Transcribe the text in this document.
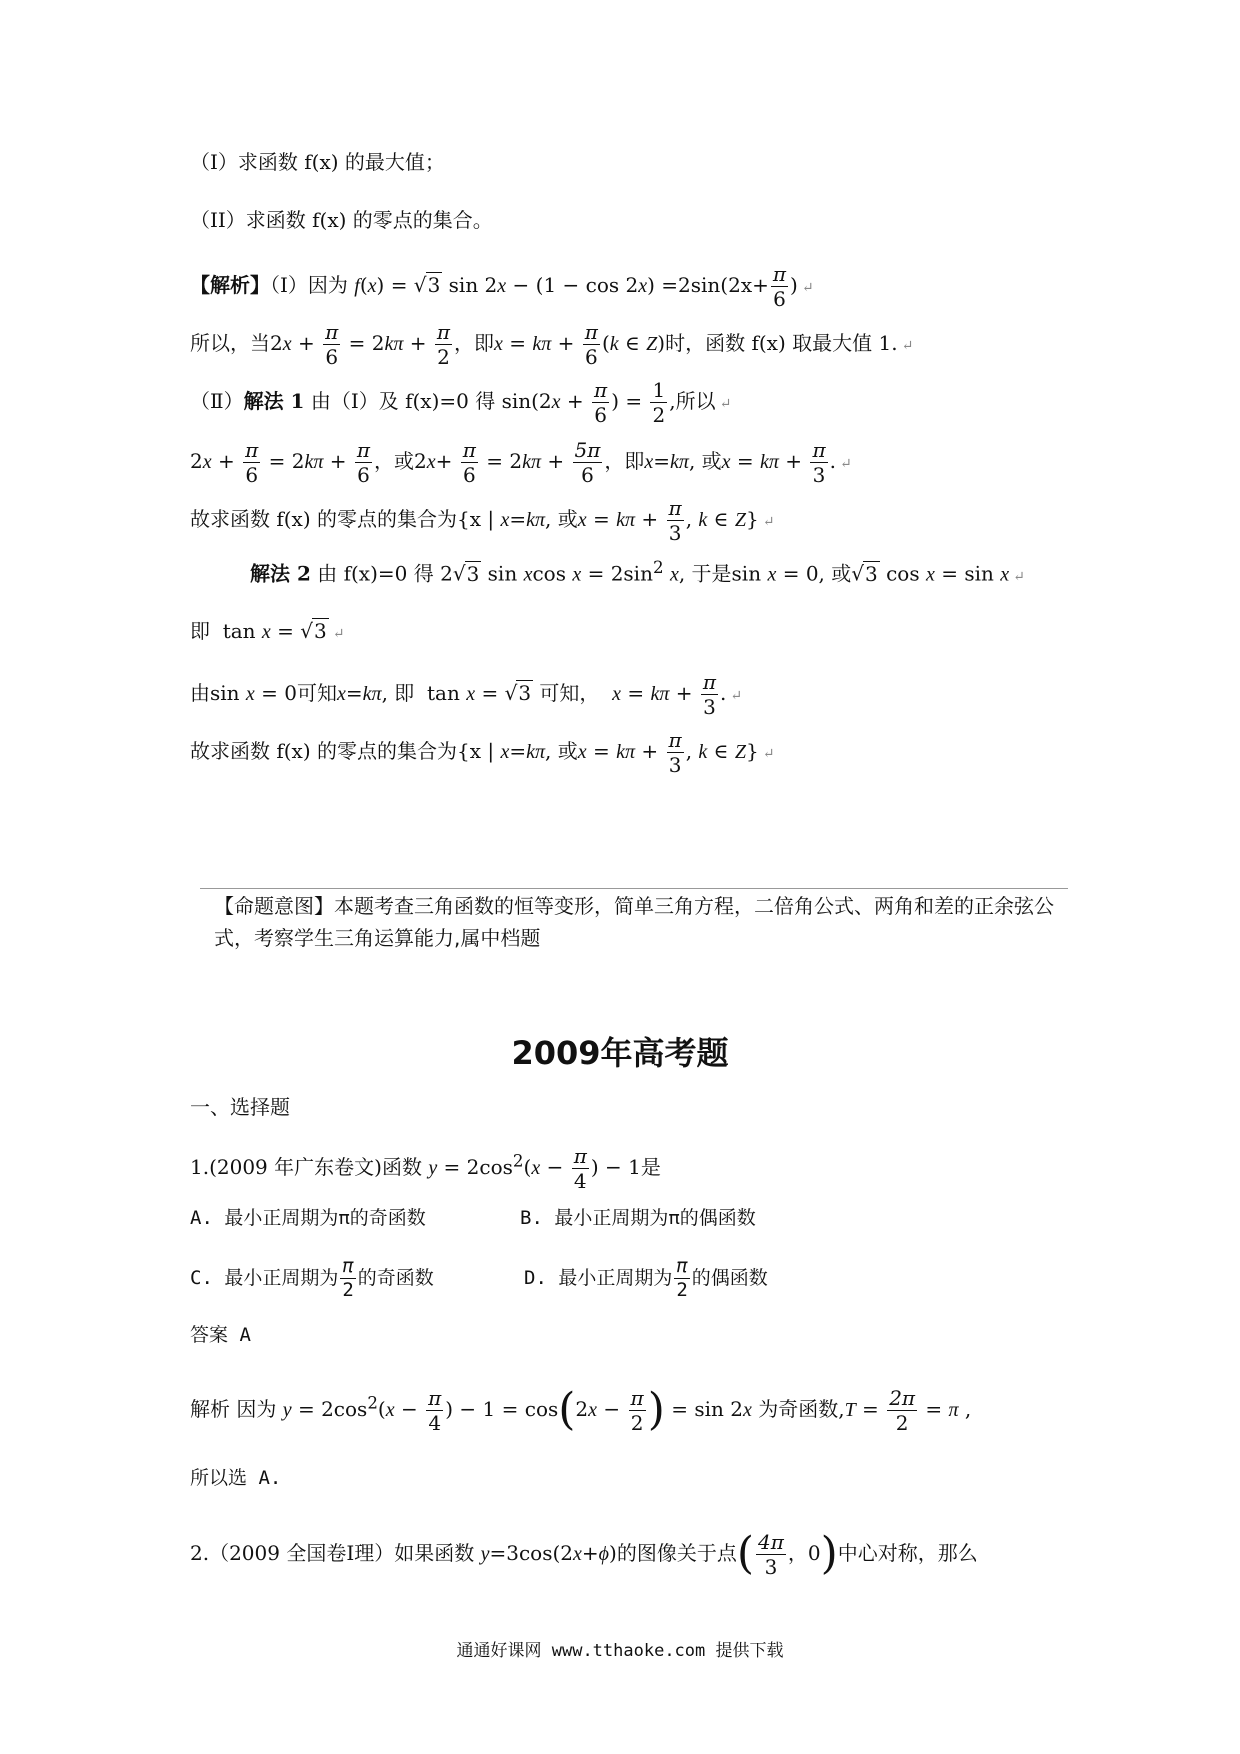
（Ⅰ）求函数 f(x) 的最大值；
（II）求函数 f(x) 的零点的集合。
【解析】（Ⅰ）因为 f(x) = √3 $\sin 2x - (1 - \cos 2x) =2\sin(2x+ \frac{\pi}{6}$ ) ↵
所以，当$2x + \frac{\pi}{6} = 2k\pi + \frac{\pi}{2}$ ，即$x = k\pi + \frac{\pi}{6} (k$ ∈ Z)时，函数 f(x) 取最大值 1. ↵
（Ⅱ）解法 1 由（Ⅰ）及 f(x)=0 得 $\sin(2x + \frac{\pi}{6}$ ) = $\frac{1}{2}$ ,所以 ↵
$2x + \frac{\pi}{6} = 2k\pi + \frac{\pi}{6}$ ，或$2x+ \frac{\pi}{6} = 2k\pi + \frac{5\pi}{6}$ ，即x=kπ, 或$x = k\pi + \frac{\pi}{3}$ . ↵
故求函数 f(x) 的零点的集合为{x | x=kπ, 或$x = k\pi + \frac{\pi}{3}$ , k ∈ Z} ↵
解法 2 由 f(x)=0 得 2√3 sin xcos $x = 2\sin^2$ x, 于是sin x = 0, 或√3 cos x = sin x ↵
即  tan x = √3 ↵
由sin x = 0可知x=kπ, 即  tan x = √3 可知，  $x = k\pi + \frac{\pi}{3}$ . ↵
故求函数 f(x) 的零点的集合为{x | x=kπ, 或$x = k\pi + \frac{\pi}{3}$ , k ∈ Z} ↵
【命题意图】本题考查三角函数的恒等变形，简单三角方程，二倍角公式、两角和差的正余弦公式，考察学生三角运算能力,属中档题
2009年高考题
一、选择题
1.(2009 年广东卷文)函数 $y = 2\cos^2(x - \frac{\pi}{4}$ ) − 1是
A. 最小正周期为π的奇函数	B. 最小正周期为π的偶函数
C. 最小正周期为 $\frac{\pi}{2}$ 的奇函数	D. 最小正周期为 $\frac{\pi}{2}$ 的偶函数
答案 A
解析 因为 $y = 2\cos^2(x - \frac{\pi}{4}$ ) − $1 = \cos(2x - \frac{\pi}{2}$ ) = sin 2x 为奇函数$,T = \frac{2\pi}{2} = \pi$ ,
所以选 A.
2.（2009 全国卷Ⅰ理）如果函数 y=3cos(2x+ϕ)的图像关于点( $\frac{4\pi}{3}$ ，0)中心对称，那么
通通好课网 www.tthaoke.com 提供下载
